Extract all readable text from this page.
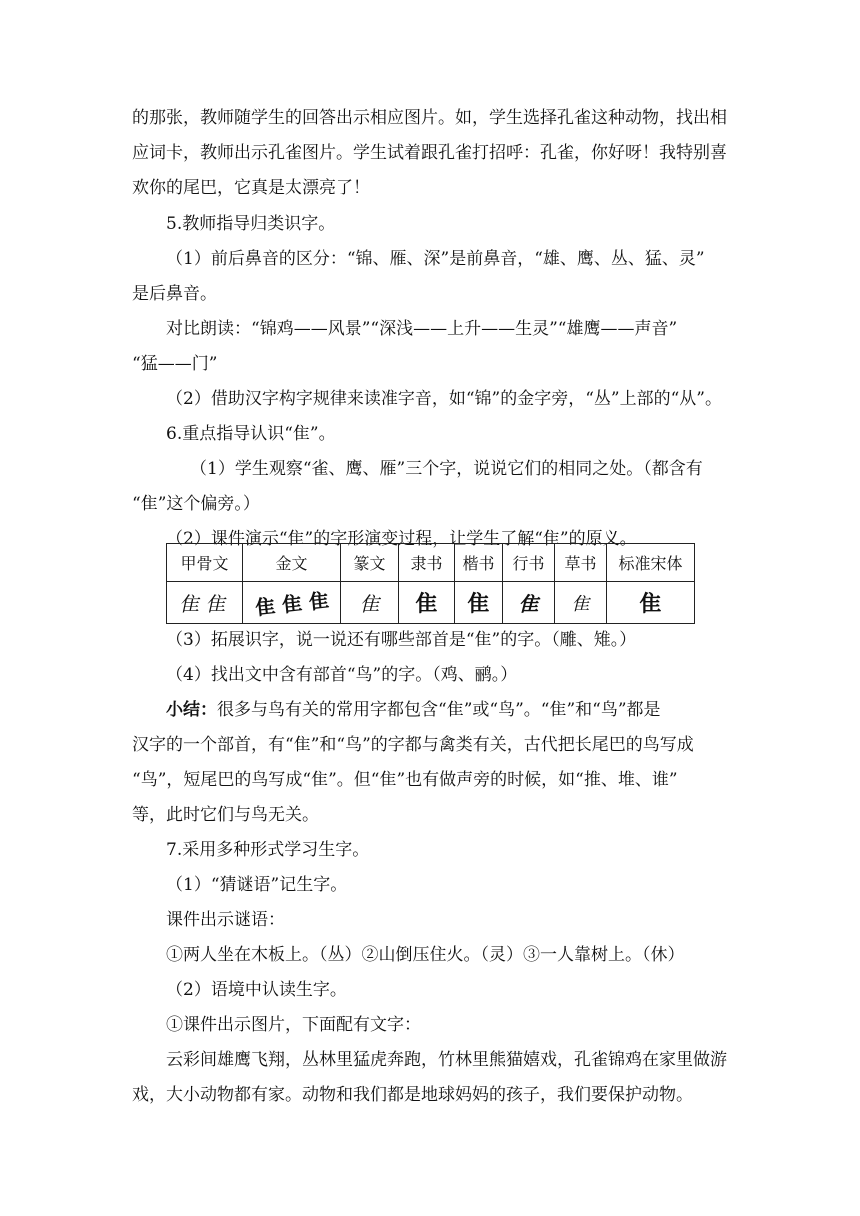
的那张，教师随学生的回答出示相应图片。如，学生选择孔雀这种动物，找出相
应词卡，教师出示孔雀图片。学生试着跟孔雀打招呼：孔雀，你好呀！我特别喜
欢你的尾巴，它真是太漂亮了！
5.教师指导归类识字。
（1）前后鼻音的区分：“锦、雁、深”是前鼻音，“雄、鹰、丛、猛、灵”
是后鼻音。
对比朗读：“锦鸡——风景”“深浅——上升——生灵”“雄鹰——声音”
“猛——门”
（2）借助汉字构字规律来读准字音，如“锦”的金字旁，“丛”上部的“从”。
6.重点指导认识“隹”。
（1）学生观察“雀、鹰、雁”三个字，说说它们的相同之处。（都含有
“隹”这个偏旁。）
（2）课件演示“隹”的字形演变过程，让学生了解“隹”的原义。
甲骨文	金文	篆文	隶书	楷书	行书	草书	标准宋体
隹 隹	隹 隹 隹	隹	隹	隹	隹	隹	隹
（3）拓展识字，说一说还有哪些部首是“隹”的字。（雕、雉。）
（4）找出文中含有部首“鸟”的字。（鸡、鹂。）
小结：很多与鸟有关的常用字都包含“隹”或“鸟”。“隹”和“鸟”都是
汉字的一个部首，有“隹”和“鸟”的字都与禽类有关，古代把长尾巴的鸟写成
“鸟”，短尾巴的鸟写成“隹”。但“隹”也有做声旁的时候，如“推、堆、谁”
等，此时它们与鸟无关。
7.采用多种形式学习生字。
（1）“猜谜语”记生字。
课件出示谜语：
①两人坐在木板上。（丛）②山倒压住火。（灵）③一人靠树上。（休）
（2）语境中认读生字。
①课件出示图片，下面配有文字：
云彩间雄鹰飞翔，丛林里猛虎奔跑，竹林里熊猫嬉戏，孔雀锦鸡在家里做游
戏，大小动物都有家。动物和我们都是地球妈妈的孩子，我们要保护动物。
